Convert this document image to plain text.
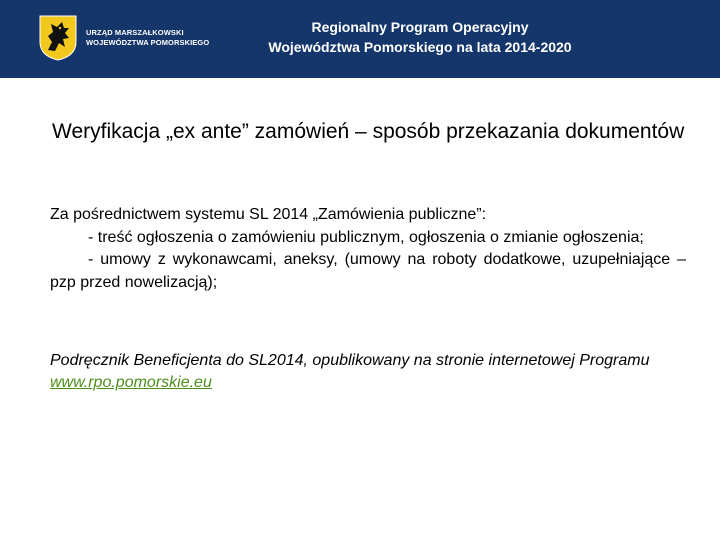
URZĄD MARSZAŁKOWSKI
WOJEWÓDZTWA POMORSKIEGO
Regionalny Program Operacyjny
Województwa Pomorskiego na lata 2014-2020
Weryfikacja „ex ante” zamówień – sposób przekazania dokumentów

Za pośrednictwem systemu SL 2014 „Zamówienia publiczne”:

- treść ogłoszenia o zamówieniu publicznym, ogłoszenia o zmianie ogłoszenia;

- umowy z wykonawcami, aneksy, (umowy na roboty dodatkowe, uzupełniające – pzp przed nowelizacją);

Podręcznik Beneficjenta do SL2014, opublikowany na stronie internetowej Programu www.rpo.pomorskie.eu
